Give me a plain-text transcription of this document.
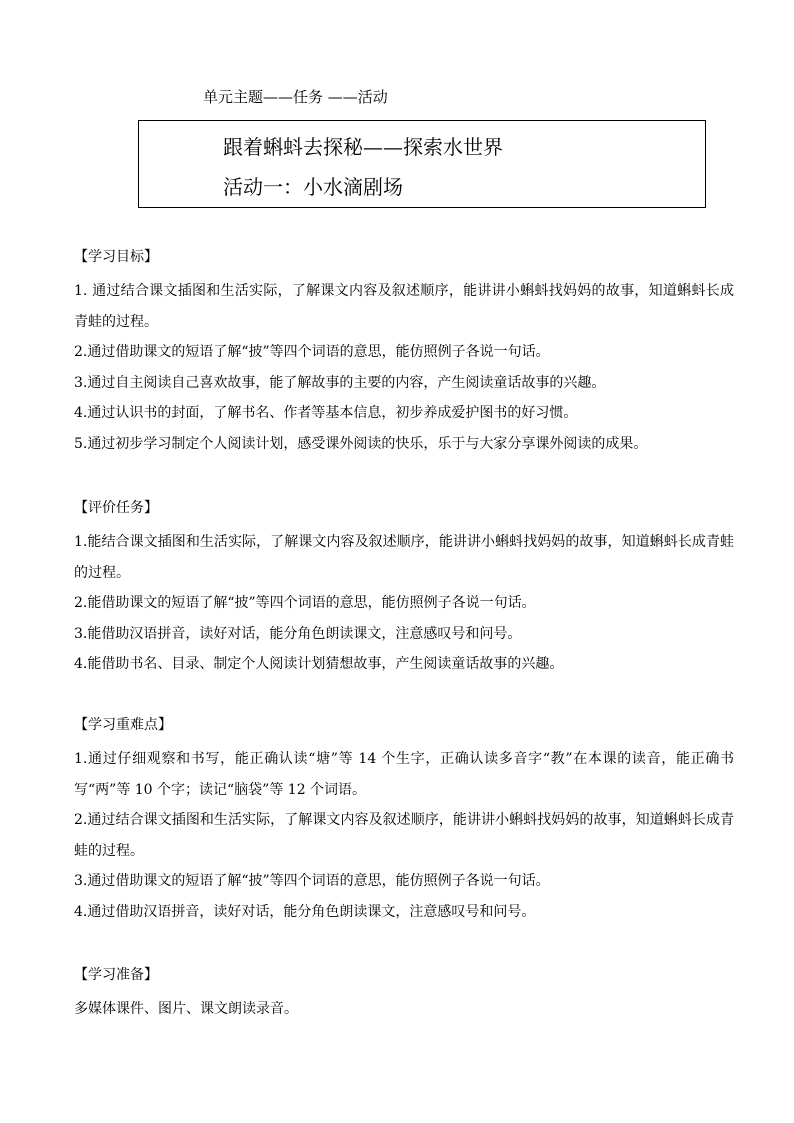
单元主题——任务 ——活动
跟着蝌蚪去探秘——探索水世界
活动一：小水滴剧场
【学习目标】

1. 通过结合课文插图和生活实际，了解课文内容及叙述顺序，能讲讲小蝌蚪找妈妈的故事，知道蝌蚪长成青蛙的过程。

2.通过借助课文的短语了解“披”等四个词语的意思，能仿照例子各说一句话。

3.通过自主阅读自己喜欢故事，能了解故事的主要的内容，产生阅读童话故事的兴趣。

4.通过认识书的封面，了解书名、作者等基本信息，初步养成爱护图书的好习惯。

5.通过初步学习制定个人阅读计划，感受课外阅读的快乐，乐于与大家分享课外阅读的成果。

【评价任务】

1.能结合课文插图和生活实际，了解课文内容及叙述顺序，能讲讲小蝌蚪找妈妈的故事，知道蝌蚪长成青蛙的过程。

2.能借助课文的短语了解“披”等四个词语的意思，能仿照例子各说一句话。

3.能借助汉语拼音，读好对话，能分角色朗读课文，注意感叹号和问号。

4.能借助书名、目录、制定个人阅读计划猜想故事，产生阅读童话故事的兴趣。

【学习重难点】

1.通过仔细观察和书写，能正确认读“塘”等 14 个生字，正确认读多音字“教”在本课的读音，能正确书写“两”等 10 个字；读记“脑袋”等 12 个词语。

2.通过结合课文插图和生活实际，了解课文内容及叙述顺序，能讲讲小蝌蚪找妈妈的故事，知道蝌蚪长成青蛙的过程。

3.通过借助课文的短语了解“披”等四个词语的意思，能仿照例子各说一句话。

4.通过借助汉语拼音，读好对话，能分角色朗读课文，注意感叹号和问号。

【学习准备】

多媒体课件、图片、课文朗读录音。
